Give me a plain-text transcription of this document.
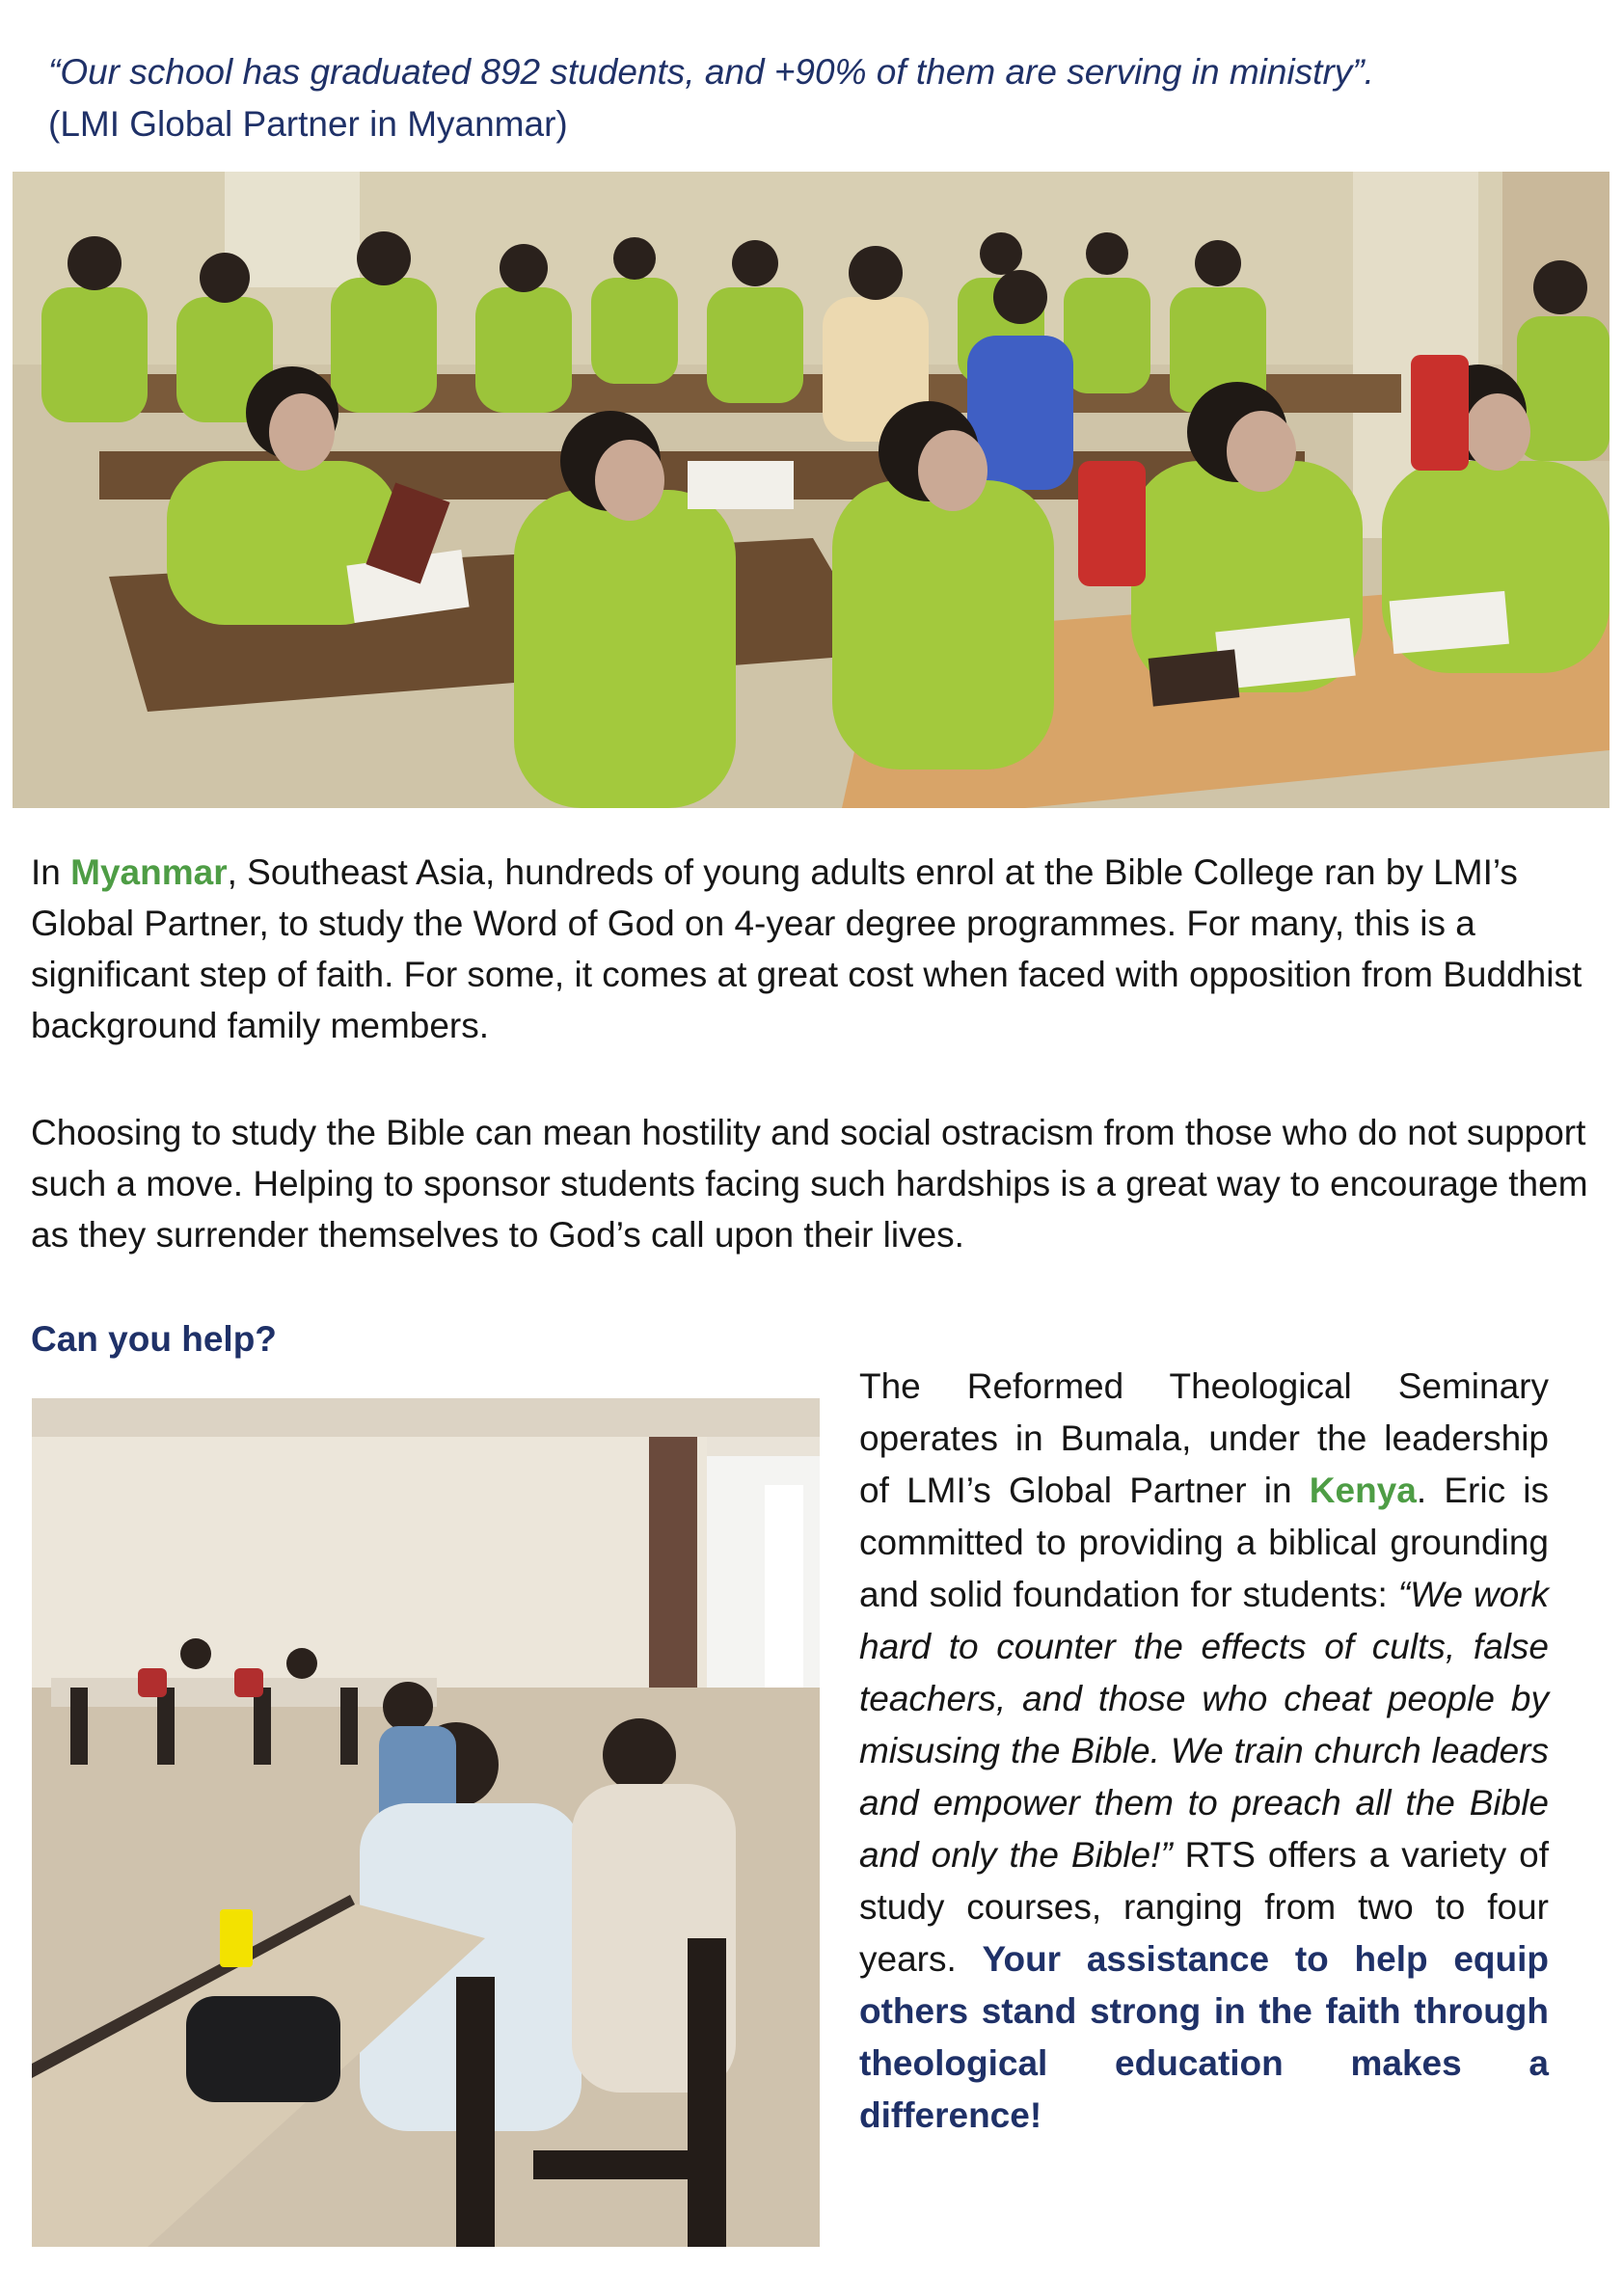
“Our school has graduated 892 students, and +90% of them are serving in ministry”.
(LMI Global Partner in Myanmar)
In Myanmar, Southeast Asia, hundreds of young adults enrol at the Bible College ran by LMI’s Global Partner, to study the Word of God on 4-year degree programmes. For many, this is a significant step of faith. For some, it comes at great cost when faced with opposition from Buddhist background family members.
Choosing to study the Bible can mean hostility and social ostracism from those who do not support such a move. Helping to sponsor students facing such hardships is a great way to encourage them as they surrender themselves to God’s call upon their lives.
Can you help?
The Reformed Theological Seminary operates in Bumala, under the leadership of LMI’s Global Partner in Kenya. Eric is committed to providing a biblical grounding and solid foundation for students: “We work hard to counter the effects of cults, false teachers, and those who cheat people by misusing the Bible. We train church leaders and empower them to preach all the Bible and only the Bible!” RTS offers a variety of study courses, ranging from two to four years. Your assistance to help equip others stand strong in the faith through theological education makes a difference!
